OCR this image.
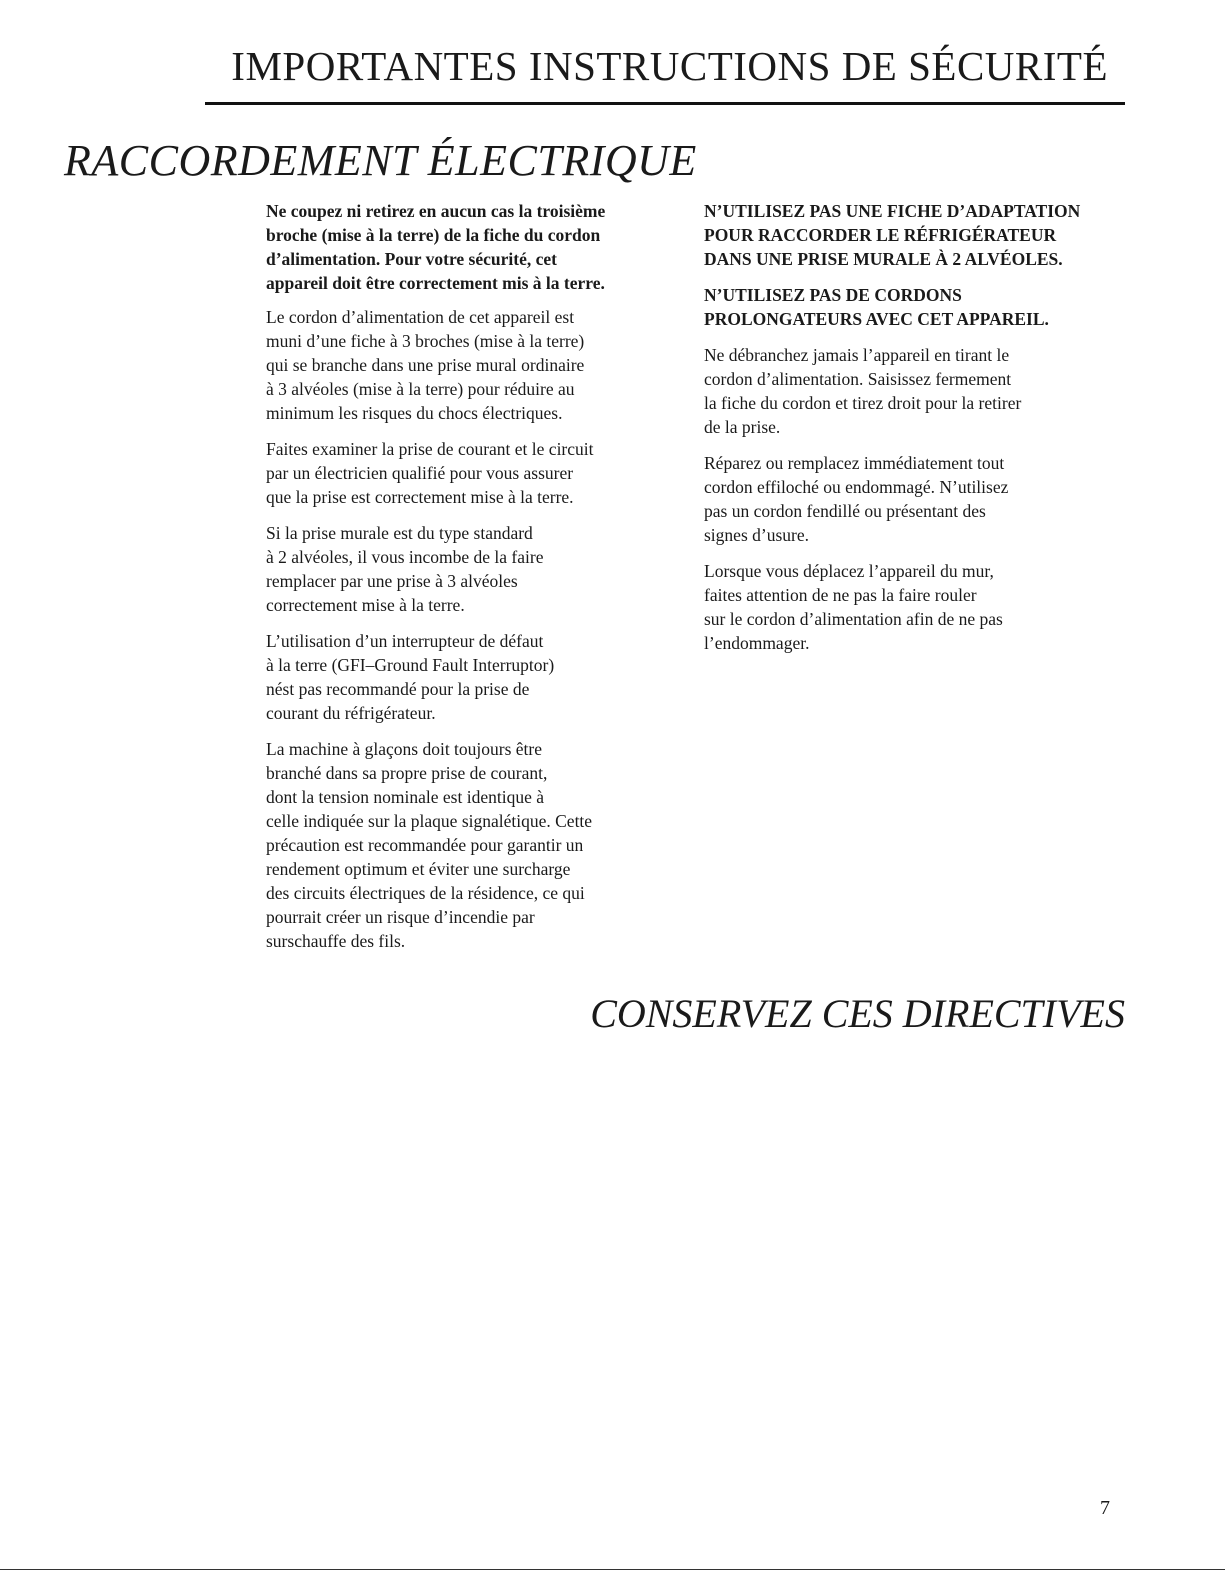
IMPORTANTES INSTRUCTIONS DE SÉCURITÉ
RACCORDEMENT ÉLECTRIQUE

Ne coupez ni retirez en aucun cas la troisième
broche (mise à la terre) de la fiche du cordon
d’alimentation. Pour votre sécurité, cet
appareil doit être correctement mis à la terre.

Le cordon d’alimentation de cet appareil est
muni d’une fiche à 3 broches (mise à la terre)
qui se branche dans une prise mural ordinaire
à 3 alvéoles (mise à la terre) pour réduire au
minimum les risques du chocs électriques.

Faites examiner la prise de courant et le circuit
par un électricien qualifié pour vous assurer
que la prise est correctement mise à la terre.

Si la prise murale est du type standard
à 2 alvéoles, il vous incombe de la faire
remplacer par une prise à 3 alvéoles
correctement mise à la terre.

L’utilisation d’un interrupteur de défaut
à la terre (GFI–Ground Fault Interruptor)
nést pas recommandé pour la prise de
courant du réfrigérateur.

La machine à glaçons doit toujours être
branché dans sa propre prise de courant,
dont la tension nominale est identique à
celle indiquée sur la plaque signalétique. Cette
précaution est recommandée pour garantir un
rendement optimum et éviter une surcharge
des circuits électriques de la résidence, ce qui
pourrait créer un risque d’incendie par
surschauffe des fils.

N’UTILISEZ PAS UNE FICHE D’ADAPTATION
POUR RACCORDER LE RÉFRIGÉRATEUR
DANS UNE PRISE MURALE À 2 ALVÉOLES.

N’UTILISEZ PAS DE CORDONS
PROLONGATEURS AVEC CET APPAREIL.

Ne débranchez jamais l’appareil en tirant le
cordon d’alimentation. Saisissez fermement
la fiche du cordon et tirez droit pour la retirer
de la prise.

Réparez ou remplacez immédiatement tout
cordon effiloché ou endommagé. N’utilisez
pas un cordon fendillé ou présentant des
signes d’usure.

Lorsque vous déplacez l’appareil du mur,
faites attention de ne pas la faire rouler
sur le cordon d’alimentation afin de ne pas
l’endommager.

CONSERVEZ CES DIRECTIVES
7
